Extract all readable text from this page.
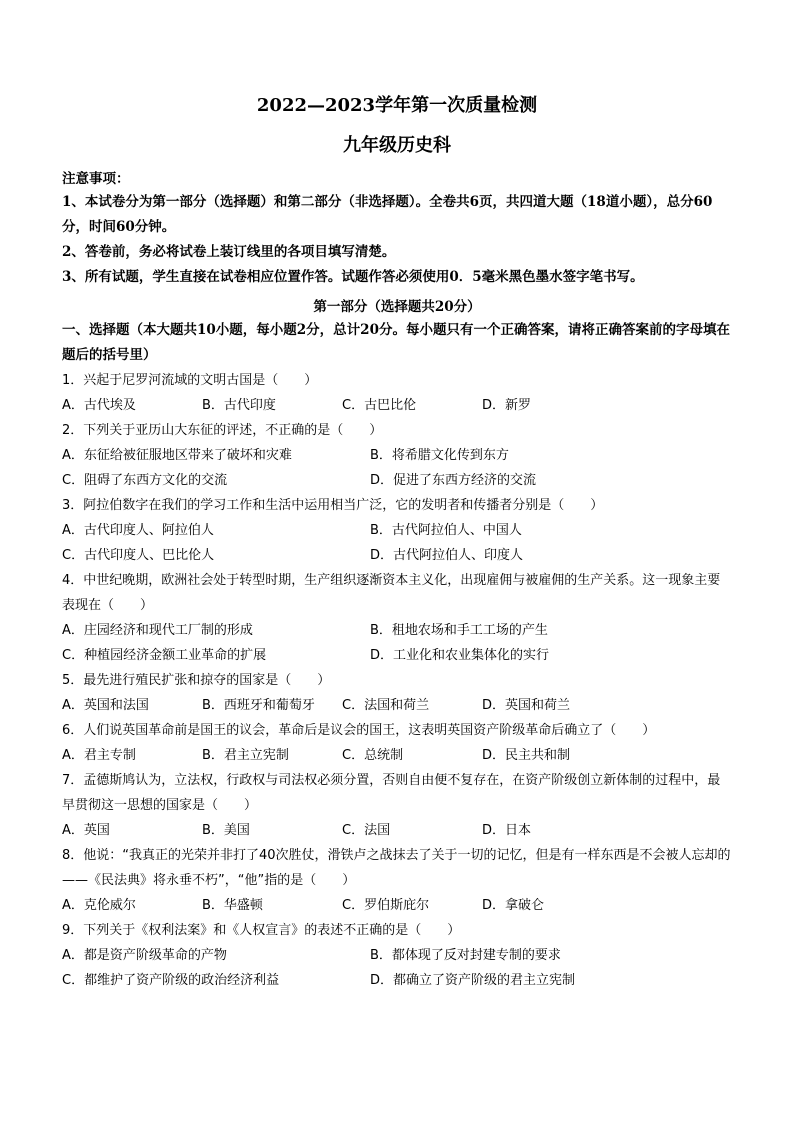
2022—2023学年第一次质量检测
九年级历史科
注意事项：
1、本试卷分为第一部分（选择题）和第二部分（非选择题）。全卷共6页，共四道大题（18道小题），总分60分，时间60分钟。
2、答卷前，务必将试卷上装订线里的各项目填写清楚。
3、所有试题，学生直接在试卷相应位置作答。试题作答必须使用0．5毫米黑色墨水签字笔书写。
第一部分（选择题共20分）
一、选择题（本大题共10小题，每小题2分，总计20分。每小题只有一个正确答案，请将正确答案前的字母填在题后的括号里）

1．兴起于尼罗河流域的文明古国是（　　）

A．古代埃及	B．古代印度	C．古巴比伦	D．新罗

2．下列关于亚历山大东征的评述，不正确的是（　　）

A．东征给被征服地区带来了破坏和灾难	B．将希腊文化传到东方
C．阻碍了东西方文化的交流	D．促进了东西方经济的交流

3．阿拉伯数字在我们的学习工作和生活中运用相当广泛，它的发明者和传播者分别是（　　）

A．古代印度人、阿拉伯人	B．古代阿拉伯人、中国人
C．古代印度人、巴比伦人	D．古代阿拉伯人、印度人

4．中世纪晚期，欧洲社会处于转型时期，生产组织逐渐资本主义化，出现雇佣与被雇佣的生产关系。这一现象主要表现在（　　）

A．庄园经济和现代工厂制的形成	B．租地农场和手工工场的产生
C．种植园经济金额工业革命的扩展	D．工业化和农业集体化的实行

5．最先进行殖民扩张和掠夺的国家是（　　）

A．英国和法国	B．西班牙和葡萄牙	C．法国和荷兰	D．英国和荷兰

6．人们说英国革命前是国王的议会，革命后是议会的国王，这表明英国资产阶级革命后确立了（　　）

A．君主专制	B．君主立宪制	C．总统制	D．民主共和制

7．孟德斯鸠认为，立法权，行政权与司法权必须分置，否则自由便不复存在，在资产阶级创立新体制的过程中，最早贯彻这一思想的国家是（　　）

A．英国	B．美国	C．法国	D．日本

8．他说：“我真正的光荣并非打了40次胜仗，滑铁卢之战抹去了关于一切的记忆，但是有一样东西是不会被人忘却的——《民法典》将永垂不朽”，“他”指的是（　　）

A．克伦威尔	B．华盛顿	C．罗伯斯庇尔	D．拿破仑

9．下列关于《权利法案》和《人权宣言》的表述不正确的是（　　）

A．都是资产阶级革命的产物	B．都体现了反对封建专制的要求
C．都维护了资产阶级的政治经济利益	D．都确立了资产阶级的君主立宪制
